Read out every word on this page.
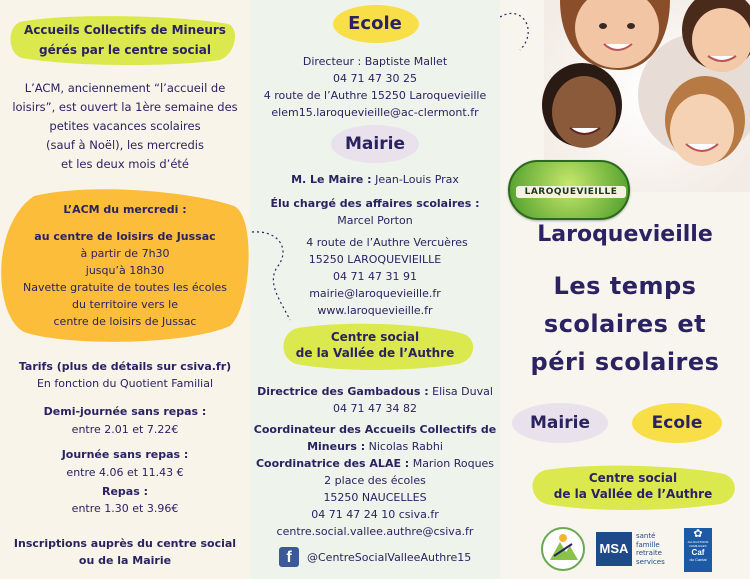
Accueils Collectifs de Mineurs
gérés par le centre social
L’ACM, anciennement “l’accueil de
loisirs”, est ouvert la 1ère semaine des
petites vacances scolaires
(sauf à Noël), les mercredis
et les deux mois d’été
L’ACM du mercredi :
au centre de loisirs de Jussac
à partir de 7h30
jusqu’à 18h30
Navette gratuite de toutes les écoles
du territoire vers le
centre de loisirs de Jussac
Tarifs (plus de détails sur csiva.fr)
En fonction du Quotient Familial
Demi-journée sans repas :
entre 2.01 et 7.22€
Journée sans repas :
entre 4.06 et 11.43 €
Repas :
entre 1.30 et 3.96€
Inscriptions auprès du centre social
ou de la Mairie
Ecole
Directeur : Baptiste Mallet
04 71 47 30 25
4 route de l’Authre 15250 Laroquevieille
elem15.laroquevieille@ac-clermont.fr
Mairie
M. Le Maire : Jean-Louis Prax
Élu chargé des affaires scolaires :
Marcel Porton
4 route de l’Authre Vercuères
15250 LAROQUEVIEILLE
04 71 47 31 91
mairie@laroquevieille.fr
www.laroquevieille.fr
Centre social
de la Vallée de l’Authre
Directrice des Gambadous : Elisa Duval
04 71 47 34 82
Coordinateur des Accueils Collectifs de
Mineurs : Nicolas Rabhi
Coordinatrice des ALAE : Marion Roques
2 place des écoles
15250 NAUCELLES
04 71 47 24 10 csiva.fr
centre.social.vallee.authre@csiva.fr
f	@CentreSocialValleeAuthre15
LAROQUEVIEILLE
Laroquevieille
Les temps
scolaires et
péri scolaires
Mairie	Ecole
Centre social
de la Vallée de l’Authre
MSA
santé
famille
retraite
services
✿
ALLOCATIONS
FAMILIALES
Caf
du Cantal
